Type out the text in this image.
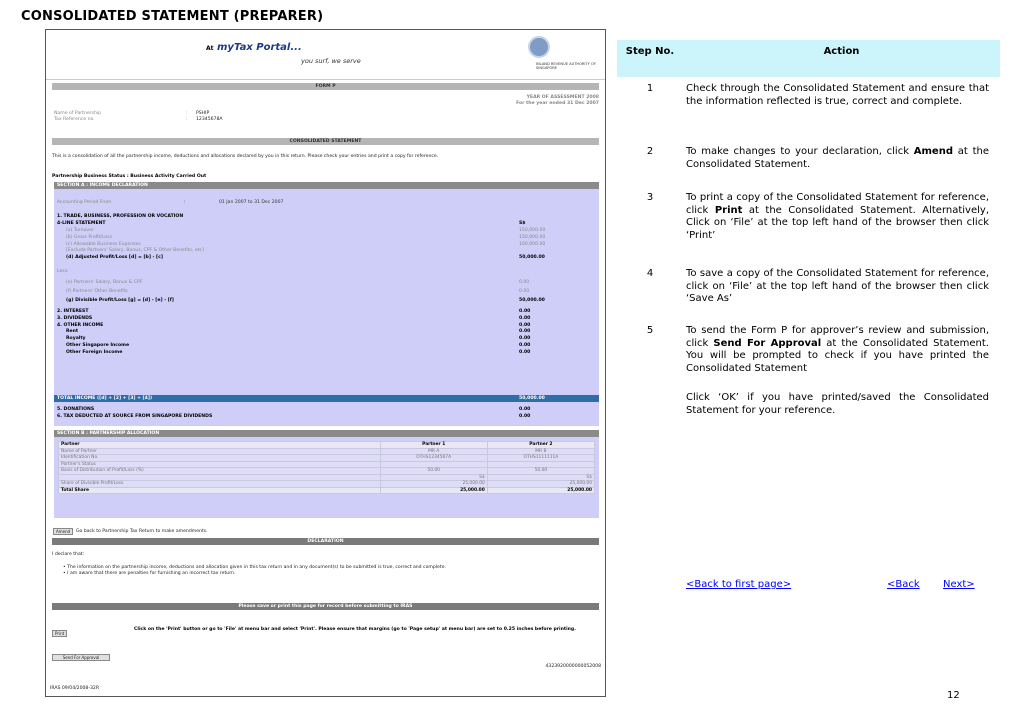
CONSOLIDATED STATEMENT (PREPARER)
At myTax Portal...
you surf, we serve	INLAND REVENUE AUTHORITY OF SINGAPORE
FORM P
YEAR OF ASSESSMENT 2008
For the year ended 31 Dec 2007
Name of Partnership	: PSHIP
Tax Reference no.	: 12345678A
CONSOLIDATED STATEMENT
This is a consolidation of all the partnership income, deductions and allocations declared by you in this return. Please check your entries and print a copy for reference.
Partnership Business Status : Business Activity Carried Out
SECTION A : INCOME DECLARATION
Accounting Period From	:	01 Jan 2007 to 31 Dec 2007
1. TRADE, BUSINESS, PROFESSION OR VOCATION
4-LINE STATEMENT	S$
Less:
TOTAL INCOME ([d] + [2] + [3] + [4])	50,000.00
(a) Turnover	150,000.00
(b) Gross Profit/Loss	150,000.00
(c) Allowable Business Expenses	100,000.00
[Exclude Partners' Salary, Bonus, CPF & Other Benefits, etc]
(d) Adjusted Profit/Loss [d] = [b] - [c]	50,000.00
(e) Partners' Salary, Bonus & CPF	0.00
(f) Partners' Other Benefits	0.00
(g) Divisible Profit/Loss [g] = [d] - [e] - [f]	50,000.00
2. INTEREST	0.00
3. DIVIDENDS	0.00
4. OTHER INCOME	0.00
Rent	0.00
Royalty	0.00
Other Singapore Income	0.00
Other Foreign Income	0.00
5. DONATIONS	0.00
6. TAX DEDUCTED AT SOURCE FROM SINGAPORE DIVIDENDS	0.00
SECTION B : PARTNERSHIP ALLOCATION
Partner	Partner 1	Partner 2
Name of Partner	MR A	MR B
Identification No.	OTHS1234567A	OTHS1111111A
Partner's Status		
Basis of Distribution of Profit/Loss (%)	50.00	50.00
	S$	S$
Share of Divisible Profit/Loss	25,000.00	25,000.00
Total Share	25,000.00	25,000.00
Amend	Go back to Partnership Tax Return to make amendments.
DECLARATION
I declare that:
• The information on the partnership income, deductions and allocation given in this tax return and in any document(s) to be submitted is true, correct and complete.
• I am aware that there are penalties for furnishing an incorrect tax return.
Please save or print this page for record before submitting to IRAS
Print
Click on the 'Print' button or go to 'File' at menu bar and select 'Print'. Please ensure that margins (go to 'Page setup' at menu bar) are set to 0.25 inches before printing.
Send For Approval
4323920000000052008
IRAS 09/04/2008-32R
Step No.	Action
1	Check through the Consolidated Statement and ensure that the information reflected is true, correct and complete.
2	To make changes to your declaration, click Amend at the Consolidated Statement.
3	To print a copy of the Consolidated Statement for reference, click Print at the Consolidated Statement. Alternatively, Click on ‘File’ at the top left hand of the browser then click ‘Print’
4	To save a copy of the Consolidated Statement for reference, click on ‘File’ at the top left hand of the browser then click ‘Save As’
5	To send the Form P for approver’s review and submission, click Send For Approval at the Consolidated Statement. You will be prompted to check if you have printed the Consolidated Statement
Click ‘OK’ if you have printed/saved the Consolidated Statement for your reference.
<Back to first page>	<Back Next>
12
